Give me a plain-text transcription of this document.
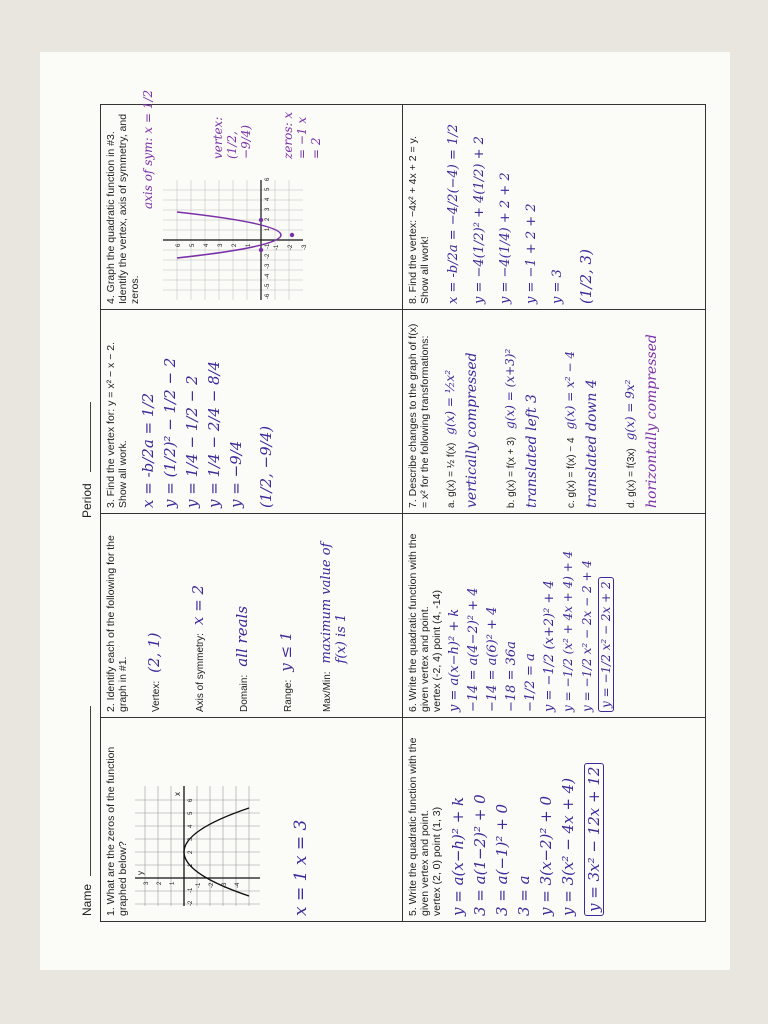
Name
Period
1. What are the zeros of the function graphed below?
x
y
-2
-1
1
2
3
4
5
6
3 2 1	-1 -2 -3 -4	x = 1 x = 3
2. Identify each of the following for the graph in #1. Vertex:
(2, 1)	Axis of symmetry:
x = 2
Domain:
all reals
Range:
y ≤ 1
Max/Min:
maximum value of f(x) is 1
3. Find the vertex for: y = x² − x − 2. Show all work. x = -b/2a = 1/2 y = (1/2)² − 1/2 − 2 y = 1/4 − 1/2 − 2 y = 1/4 − 2/4 − 8/4 y = −9/4 (1/2, −9/4)
4. Graph the quadratic function in #3. Identify the vertex, axis of symmetry, and zeros.
axis of sym: x = 1/2
-6
-5
-4
-3
-2
-1
1
2
3
4
5
6
6 5 4 3 2 1	-1 -2 -3
vertex: (1/2, −9/4) zeros: x = −1 x = 2
5. Write the quadratic function with the given vertex and point. vertex (2, 0) point (1, 3) y = a(x−h)² + k 3 = a(1−2)² + 0 3 = a(−1)² + 0 3 = a y = 3(x−2)² + 0 y = 3(x² − 4x + 4) y = 3x² − 12x + 12
6. Write the quadratic function with the given vertex and point. vertex (-2, 4) point (4, -14) y = a(x−h)² + k −14 = a(4−2)² + 4 −14 = a(6)² + 4 −18 = 36a −1/2 = a y = −1/2 (x+2)² + 4 y = −1/2 (x² + 4x + 4) + 4 y = −1/2 x² − 2x − 2 + 4 y = −1/2 x² − 2x + 2
7. Describe changes to the graph of f(x) = x² for the following transformations: a. g(x) = ½ f(x)
g(x) = ½x² vertically compressed	b. g(x) = f(x + 3)
g(x) = (x+3)²
translated left 3	c. g(x) = f(x) − 4
g(x) = x² − 4 translated down 4	d. g(x) = f(3x)
g(x) = 9x² horizontally compressed
8. Find the vertex: −4x² + 4x + 2 = y. Show all work!	x = -b/2a = −4/2(−4) = 1/2 y = −4(1/2)² + 4(1/2) + 2 y = −4(1/4) + 2 + 2 y = −1 + 2 + 2 y = 3 (1/2, 3)
